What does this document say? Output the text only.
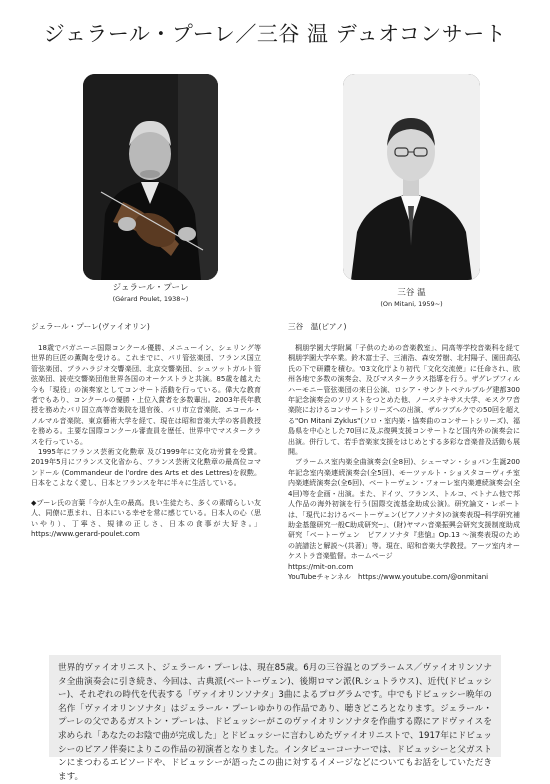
ジェラール・プーレ／三谷 温 デュオコンサート
ジェラール・プーレ
(Gérard Poulet, 1938~)
三谷 温
(On Mitani, 1959~)
ジェラール・プーレ(ヴァイオリン)

18歳でパガニーニ国際コンクール優勝、メニューイン、シェリング等世界的巨匠の薫陶を受ける。これまでに、パリ管弦楽団、フランス国立管弦楽団、プラハラジオ交響楽団、北京交響楽団、シュツットガルト管弦楽団、読売交響楽団他世界各国のオーケストラと共演。85歳を越えた今も「現役」の演奏家としてコンサート活動を行っている。偉大な教育者でもあり、コンクールの優勝・上位入賞者を多数輩出。2003年長年教授を務めたパリ国立高等音楽院を退官後、パリ市立音楽院、エコール・ノルマル音楽院、東京藝術大学を経て、現在は昭和音楽大学の客員教授を務める。主要な国際コンクール審査員を歴任、世界中でマスタークラスを行っている。

1995年にフランス芸術文化勲章 及び1999年に文化功労賞を受賞。2019年5月にフランス文化省から、フランス芸術文化勲章の最高位コマンドール (Commandeur de l'ordre des Arts et des Lettres)を叙勲。日本をこよなく愛し、日本とフランスを年に半々に生活している。

◆プーレ氏の言葉「今が人生の最高。良い生徒たち、多くの素晴らしい友人、同僚に恵まれ、日本にいる幸せを常に感じている。日本人の心（思いやり）、丁寧さ、規律の正しさ、日本の食事が大好き。」https://www.gerard-poulet.com

三谷　温(ピアノ)

桐朋学園大学附属「子供のための音楽教室」、同高等学校音楽科を経て桐朋学園大学卒業。鈴木富士子、三浦浩、森安芳樹、北村陽子、園田高弘氏の下で研鑽を積む。'03文化庁より初代「文化交流使」に任命され、欧州各地で多数の演奏会、及びマスタークラス指導を行う。ザグレブフィルハーモニー管弦楽団の来日公演、ロシア・サンクトペテルブルグ建都300年記念演奏会のソリストをつとめた他、ノーステキサス大学、モスクワ音楽院におけるコンサートシリーズへの出演、ザルツブルクでの50回を超える"On Mitani Zyklus"(ソロ・室内楽・協奏曲のコンサートシリーズ)、福島県を中心とした70回に及ぶ復興支援コンサートなど国内外の演奏会に出演。併行して、若手音楽家支援をはじめとする多彩な音楽普及活動も展開。

ブラームス室内楽全曲演奏会(全8回)、シューマン・ショパン生誕200年記念室内楽連続演奏会(全5回)、モーツァルト・ショスタコーヴィチ室内楽連続演奏会(全6回)、ベートーヴェン・フォーレ室内楽連続演奏会(全4回)等を企画・出演。また、ドイツ、フランス、トルコ、ベトナム他で邦人作品の海外初演を行う(国際交流基金助成公演)。研究論文・レポートは、「現代におけるベートーヴェン(ピアノソナタ)の演奏表現─科学研究補助金基盤研究一般C助成研究─」、(財)ヤマハ音楽振興会研究支援制度助成研究「ベートーヴェン　ピアノソナタ『悲愴』Op.13 ～演奏表現のための読譜法と解説～(共著)」等。現在、昭和音楽大学教授。アーツ室内オーケストラ音楽監督。ホームページ

https://mit-on.com

YouTubeチャンネル　 https://www.youtube.com/@onmitani

世界的ヴァイオリニスト、ジェラール・プーレは、現在85歳。6月の三谷温とのブラームス／ヴァイオリンソナタ全曲演奏会に引き続き、今回は、古典派(ベートーヴェン)、後期ロマン派(R.シュトラウス)、近代(ドビュッシー)、それぞれの時代を代表する「ヴァイオリンソナタ」3曲によるプログラムです。中でもドビュッシー晩年の名作「ヴァイオリンソナタ」はジェラール・プーレゆかりの作品であり、聴きどころとなります。ジェラール・プーレの父であるガストン・プーレは、ドビュッシーがこのヴァイオリンソナタを作曲する際にアドヴァイスを求められ「あなたのお陰で曲が完成した」とドビュッシーに言わしめたヴァイオリニストで、1917年にドビュッシーのピアノ伴奏によりこの作品の初演者となりました。インタビューコーナーでは、ドビュッシーと父ガストンにまつわるエピソードや、ドビュッシーが語ったこの曲に対するイメージなどについてもお話をしていただきます。
